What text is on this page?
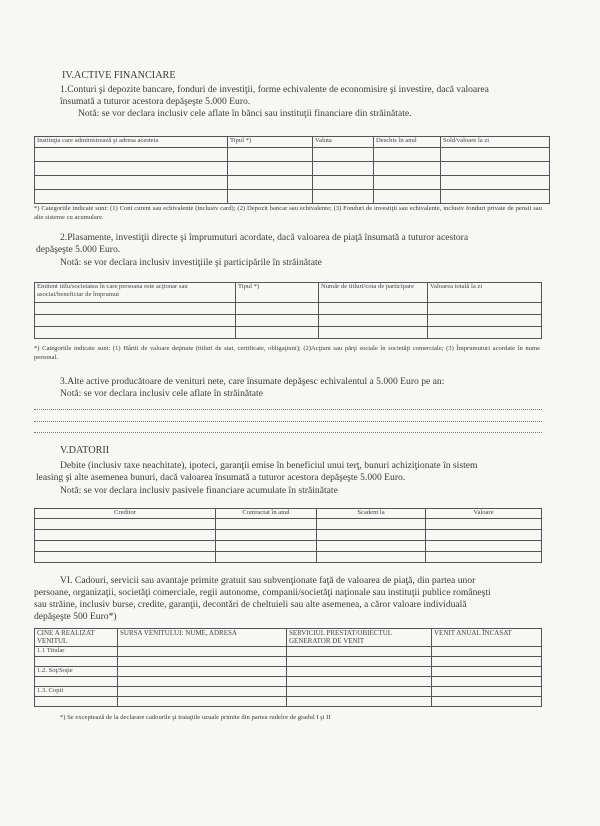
IV.ACTIVE FINANCIARE
1.Conturi şi depozite bancare, fonduri de investiţii, forme echivalente de economisire şi investire, dacă valoarea
însumată a tuturor acestora depăşeşte 5.000 Euro.
Notă: se vor declara inclusiv cele aflate în bănci sau instituţii financiare din străinătate.
Instituţia care administrează şi adresa acesteia	Tipul *)	Valuta	Deschis în anul	Sold/valoare la zi

*) Categoriile indicate sunt: (1) Cont curent sau echivalente (inclusiv card); (2) Depozit bancar sau echivalente; (3) Fonduri de investiţii sau echivalente, inclusiv fonduri private de pensii sau alte sisteme cu acumulare.
2.Plasamente, investiţii directe şi împrumuturi acordate, dacă valoarea de piaţă însumată a tuturor acestora
depăşeşte 5.000 Euro.
Notă: se vor declara inclusiv investiţiile şi participările în străinătate
Emitent titlu/societatea în care persoana este acţionar sau asociat/beneficiar de împrumut	Tipul *)	Număr de titluri/cota de participare	Valoarea totală la zi

*) Categoriile indicate sunt: (1) Hârtii de valoare deţinute (titluri de stat, certificate, obligaţiuni); (2)Acţiuni sau părţi sociale în societăţi comerciale; (3) Împrumuturi acordate în nume personal.
3.Alte active producătoare de venituri nete, care însumate depăşesc echivalentul a 5.000 Euro pe an:
Notă: se vor declara inclusiv cele aflate în străinătate
V.DATORII
Debite (inclusiv taxe neachitate), ipoteci, garanţii emise în beneficiul unui terţ, bunuri achiziţionate în sistem
leasing şi alte asemenea bunuri, dacă valoarea însumată a tuturor acestora depăşeşte 5.000 Euro.
Notă: se vor declara inclusiv pasivele financiare acumulate în străinătate
Creditor	Contractat în anul	Scadent la	Valoare

VI. Cadouri, servicii sau avantaje primite gratuit sau subvenţionate faţă de valoarea de piaţă, din partea unor
persoane, organizaţii, societăţi comerciale, regii autonome, companii/societăţi naţionale sau instituţii publice româneşti
sau străine, inclusiv burse, credite, garanţii, decontări de cheltuieli sau alte asemenea, a căror valoare individuală
depăşeşte 500 Euro*)
CINE A REALIZAT VENITUL	SURSA VENITULUI: NUME, ADRESA	SERVICIUL PRESTAT/OBIECTUL GENERATOR DE VENIT	VENIT ANUAL ÎNCASAT
1.1 Titular			

1.2. Soţ/Soţie			

1.3. Copii			

*) Se exceptează de la declarare cadourile şi trataţiile uzuale primite din partea rudelor de gradul I şi II
